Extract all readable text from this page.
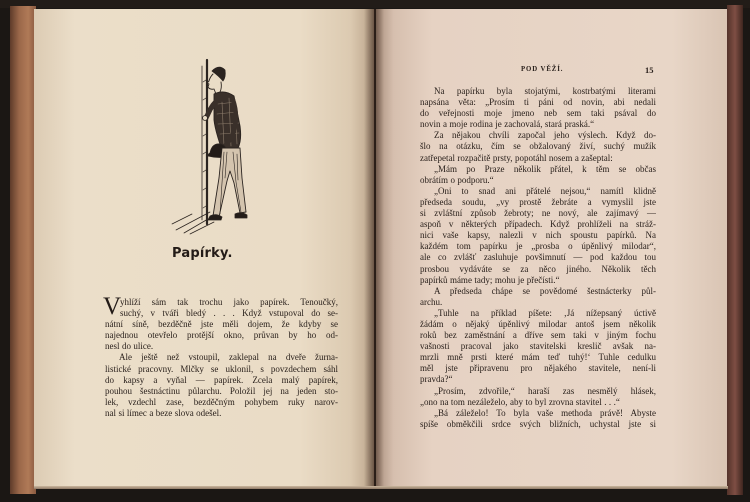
Papírky.
V
yhlíží sám tak trochu jako papírek. Tenoučký,
suchý, v tváři bledý . . . Když vstupoval do se-
nátní síně, bezděčně jste měli dojem, že kdyby se
najednou otevřelo protější okno, průvan by ho od-
nesl do ulice.
Ale ještě než vstoupil, zaklepal na dveře žurna-
listické pracovny. Mlčky se uklonil, s povzdechem sáhl
do kapsy a vyňal — papírek. Zcela malý papírek,
pouhou šestnáctinu půlarchu. Položil jej na jeden sto-
lek, vzdechl zase, bezděčným pohybem ruky narov-
nal si límec a beze slova odešel.
POD VĚŽÍ.	15
Na papírku byla stojatými, kostrbatými literami
napsána věta: „Prosím ti páni od novin, abi nedali
do veřejnosti moje jmeno neb sem taki psával do
novin a moje rodina je zachovalá, stará praská.“
Za nějakou chvíli započal jeho výslech. Když do-
šlo na otázku, čím se obžalovaný živí, suchý mužík
zatřepetal rozpačitě prsty, popotáhl nosem a zašeptal:
„Mám po Praze několik přátel, k těm se občas
obrátím o podporu.“
„Oni to snad ani přátelé nejsou,“ namítl klidně
předseda soudu, „vy prostě žebráte a vymyslil jste
si zvláštní způsob žebroty; ne nový, ale zajímavý —
aspoň v některých případech. Když prohlíželi na stráž-
nici vaše kapsy, nalezli v nich spoustu papírků. Na
každém tom papírku je „prosba o úpěnlivý milodar“,
ale co zvlášť zasluhuje povšimnutí — pod každou tou
prosbou vydáváte se za něco jiného. Několik těch
papírků máme tady; mohu je přečísti.“
A předseda chápe se povědomé šestnácterky půl-
archu.
„Tuhle na příklad píšete: ‚Já nížepsaný úctivě
žádám o nějaký úpěnlivý milodar antoš jsem několik
roků bez zaměstnání a dříve sem taki v jiným fochu
vašnosti pracoval jako stavitelski kreslič avšak na-
mrzli mně prsti které mám teď tuhý!‘ Tuhle cedulku
měl jste připravenu pro nějakého stavitele, není-li
pravda?“
„Prosím, zdvořile,“ haraší zas nesmělý hlásek,
„ono na tom nezáleželo, aby to byl zrovna stavitel . . .“
„Bá záleželo! To byla vaše methoda právě! Abyste
spíše obměkčili srdce svých bližních, uchystal jste si
